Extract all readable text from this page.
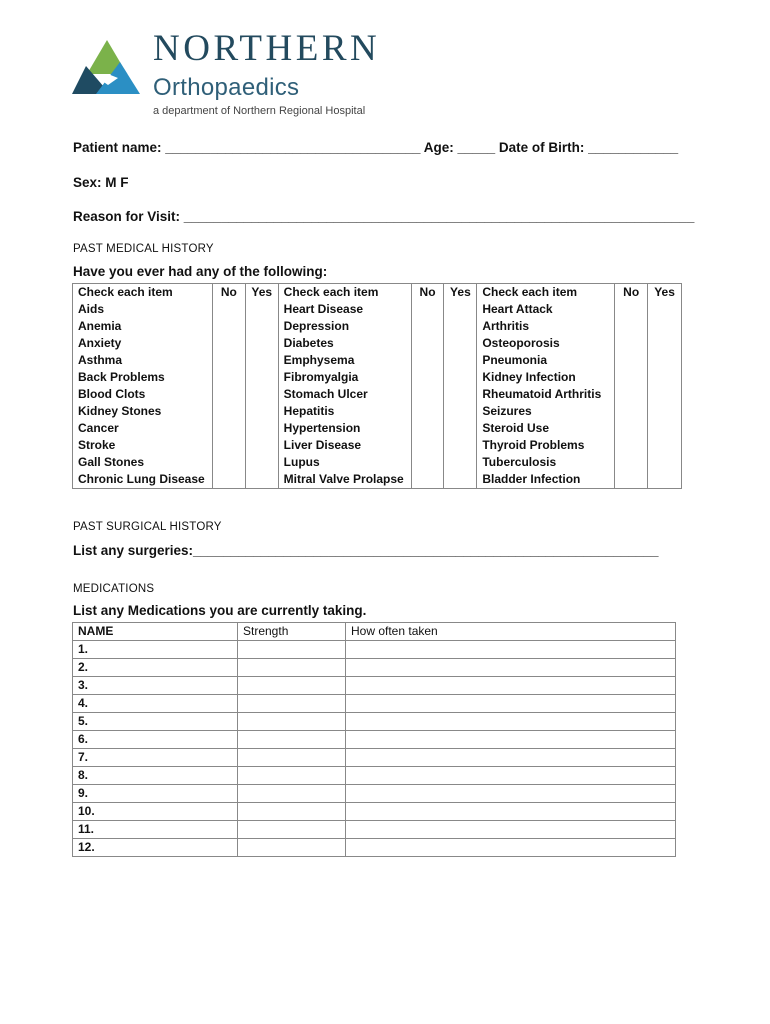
NORTHERN
Orthopaedics
a department of Northern Regional Hospital
Patient name: __________________________________ Age: _____ Date of Birth: ____________
Sex: M F
Reason for Visit: ____________________________________________________________________
PAST MEDICAL HISTORY
Have you ever had any of the following:
Check each item	No	Yes	Check each item	No	Yes	Check each item	No	Yes
Aids			Heart Disease			Heart Attack		
Anemia			Depression			Arthritis		
Anxiety			Diabetes			Osteoporosis		
Asthma			Emphysema			Pneumonia		
Back Problems			Fibromyalgia			Kidney Infection		
Blood Clots			Stomach Ulcer			Rheumatoid Arthritis		
Kidney Stones			Hepatitis			Seizures		
Cancer			Hypertension			Steroid Use		
Stroke			Liver Disease			Thyroid Problems		
Gall Stones			Lupus			Tuberculosis		
Chronic Lung Disease			Mitral Valve Prolapse			Bladder Infection		
PAST SURGICAL HISTORY
List any surgeries:______________________________________________________________
MEDICATIONS
List any Medications you are currently taking.
NAME	Strength	How often taken
1.		
2.		
3.		
4.		
5.		
6.		
7.		
8.		
9.		
10.		
11.		
12.		
